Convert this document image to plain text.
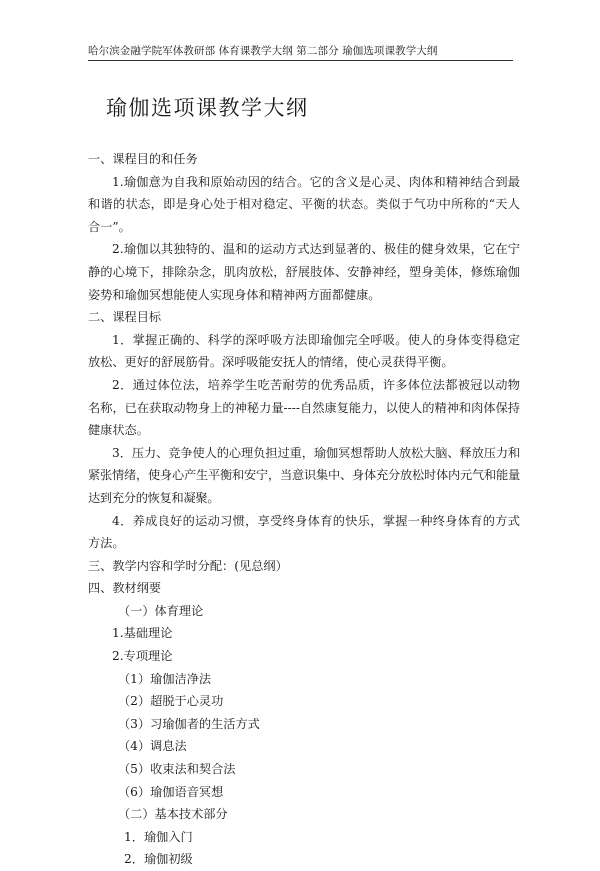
哈尔滨金融学院军体教研部 体育课教学大纲 第二部分 瑜伽选项课教学大纲
瑜伽选项课教学大纲

一、课程目的和任务

1.瑜伽意为自我和原始动因的结合。它的含义是心灵、肉体和精神结合到最和谐的状态，即是身心处于相对稳定、平衡的状态。类似于气功中所称的“天人合一”。

2.瑜伽以其独特的、温和的运动方式达到显著的、极佳的健身效果，它在宁静的心境下，排除杂念，肌肉放松，舒展肢体、安静神经，塑身美体，修炼瑜伽姿势和瑜伽冥想能使人实现身体和精神两方面都健康。

二、课程目标

1．掌握正确的、科学的深呼吸方法即瑜伽完全呼吸。使人的身体变得稳定放松、更好的舒展筋骨。深呼吸能安抚人的情绪，使心灵获得平衡。

2．通过体位法，培养学生吃苦耐劳的优秀品质，许多体位法都被冠以动物名称，已在获取动物身上的神秘力量----自然康复能力，以使人的精神和肉体保持健康状态。

3．压力、竞争使人的心理负担过重，瑜伽冥想帮助人放松大脑、释放压力和紧张情绪，使身心产生平衡和安宁，当意识集中、身体充分放松时体内元气和能量达到充分的恢复和凝聚。

4．养成良好的运动习惯，享受终身体育的快乐，掌握一种终身体育的方式方法。

三、教学内容和学时分配：(见总纲）

四、教材纲要

（一）体育理论

1.基础理论

2.专项理论

（1）瑜伽洁净法

（2）超脱于心灵功

（3）习瑜伽者的生活方式

（4）调息法

（5）收束法和契合法

（6）瑜伽语音冥想

（二）基本技术部分

1．瑜伽入门

2．瑜伽初级
